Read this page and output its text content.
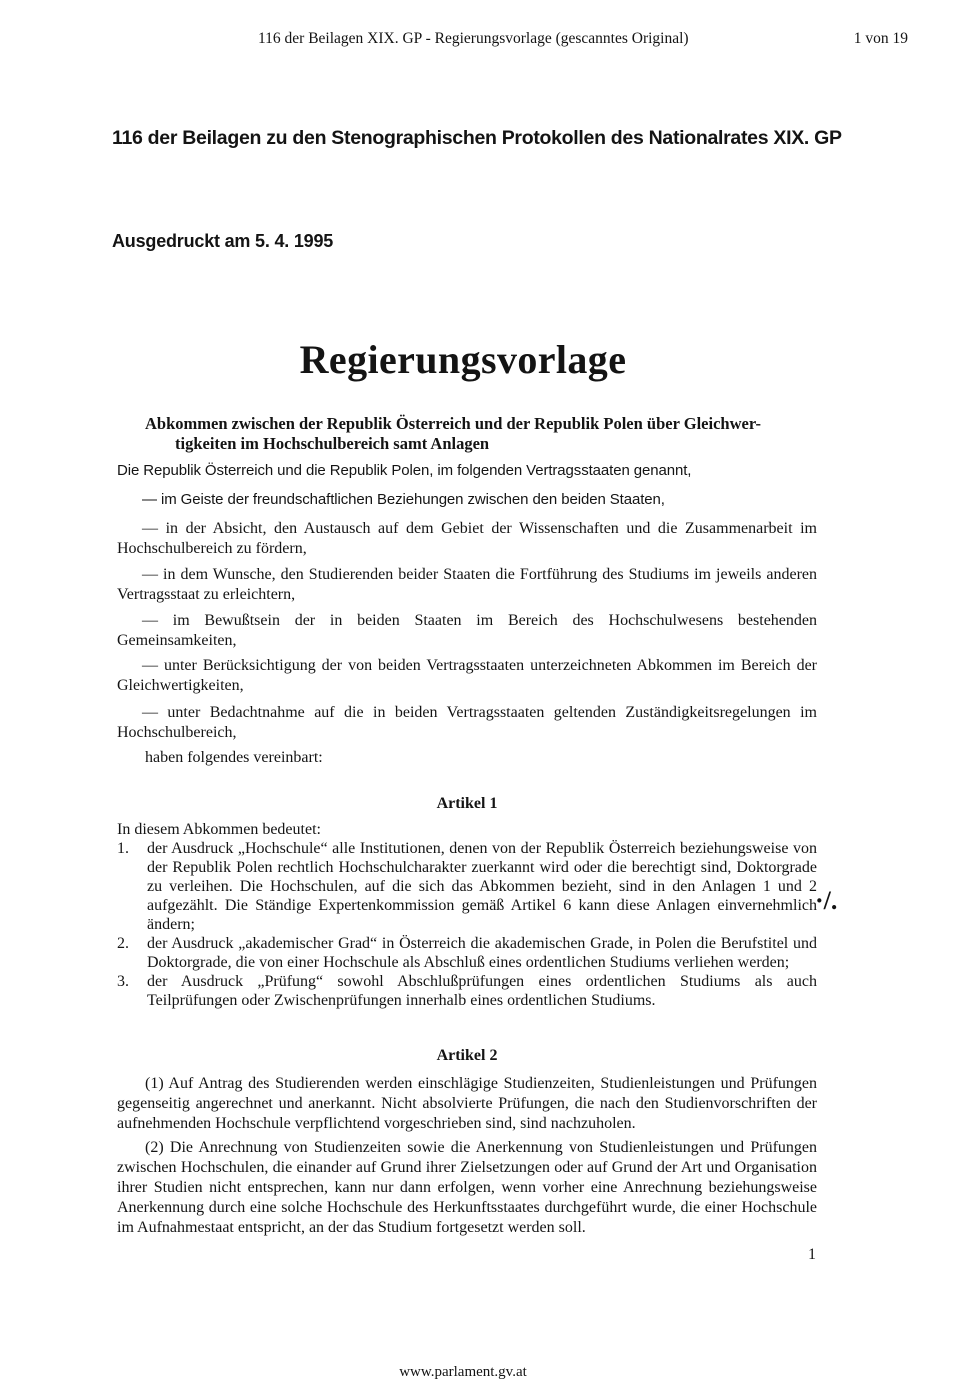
116 der Beilagen XIX. GP - Regierungsvorlage (gescanntes Original)	1 von 19
116 der Beilagen zu den Stenographischen Protokollen des Nationalrates XIX. GP
Ausgedruckt am 5. 4. 1995
Regierungsvorlage
Abkommen zwischen der Republik Österreich und der Republik Polen über Gleichwer-
tigkeiten im Hochschulbereich samt Anlagen
Die Republik Österreich und die Republik Polen, im folgenden Vertragsstaaten genannt,
— im Geiste der freundschaftlichen Beziehungen zwischen den beiden Staaten,
— in der Absicht, den Austausch auf dem Gebiet der Wissenschaften und die Zusammenarbeit im Hochschulbereich zu fördern,
— in dem Wunsche, den Studierenden beider Staaten die Fortführung des Studiums im jeweils anderen Vertragsstaat zu erleichtern,
— im Bewußtsein der in beiden Staaten im Bereich des Hochschulwesens bestehenden Gemeinsamkeiten,
— unter Berücksichtigung der von beiden Vertragsstaaten unterzeichneten Abkommen im Bereich der Gleichwertigkeiten,
— unter Bedachtnahme auf die in beiden Vertragsstaaten geltenden Zuständigkeitsregelungen im Hochschulbereich,
haben folgendes vereinbart:
Artikel 1
In diesem Abkommen bedeutet:
1.	der Ausdruck „Hochschule“ alle Institutionen, denen von der Republik Österreich beziehungsweise von der Republik Polen rechtlich Hochschulcharakter zuerkannt wird oder die berechtigt sind, Doktorgrade zu verleihen. Die Hochschulen, auf die sich das Abkommen bezieht, sind in den Anlagen 1 und 2 aufgezählt. Die Ständige Expertenkommission gemäß Artikel 6 kann diese Anlagen einvernehmlich ändern;
2.	der Ausdruck „akademischer Grad“ in Österreich die akademischen Grade, in Polen die Berufstitel und Doktorgrade, die von einer Hochschule als Abschluß eines ordentlichen Studiums verliehen werden;
3.	der Ausdruck „Prüfung“ sowohl Abschlußprüfungen eines ordentlichen Studiums als auch Teilprüfungen oder Zwischenprüfungen innerhalb eines ordentlichen Studiums.
·/.
Artikel 2
(1) Auf Antrag des Studierenden werden einschlägige Studienzeiten, Studienleistungen und Prüfungen gegenseitig angerechnet und anerkannt. Nicht absolvierte Prüfungen, die nach den Studienvorschriften der aufnehmenden Hochschule verpflichtend vorgeschrieben sind, sind nachzuholen.
(2) Die Anrechnung von Studienzeiten sowie die Anerkennung von Studienleistungen und Prüfungen zwischen Hochschulen, die einander auf Grund ihrer Zielsetzungen oder auf Grund der Art und Organisation ihrer Studien nicht entsprechen, kann nur dann erfolgen, wenn vorher eine Anrechnung beziehungsweise Anerkennung durch eine solche Hochschule des Herkunftsstaates durchgeführt wurde, die einer Hochschule im Aufnahmestaat entspricht, an der das Studium fortgesetzt werden soll.
1
www.parlament.gv.at
